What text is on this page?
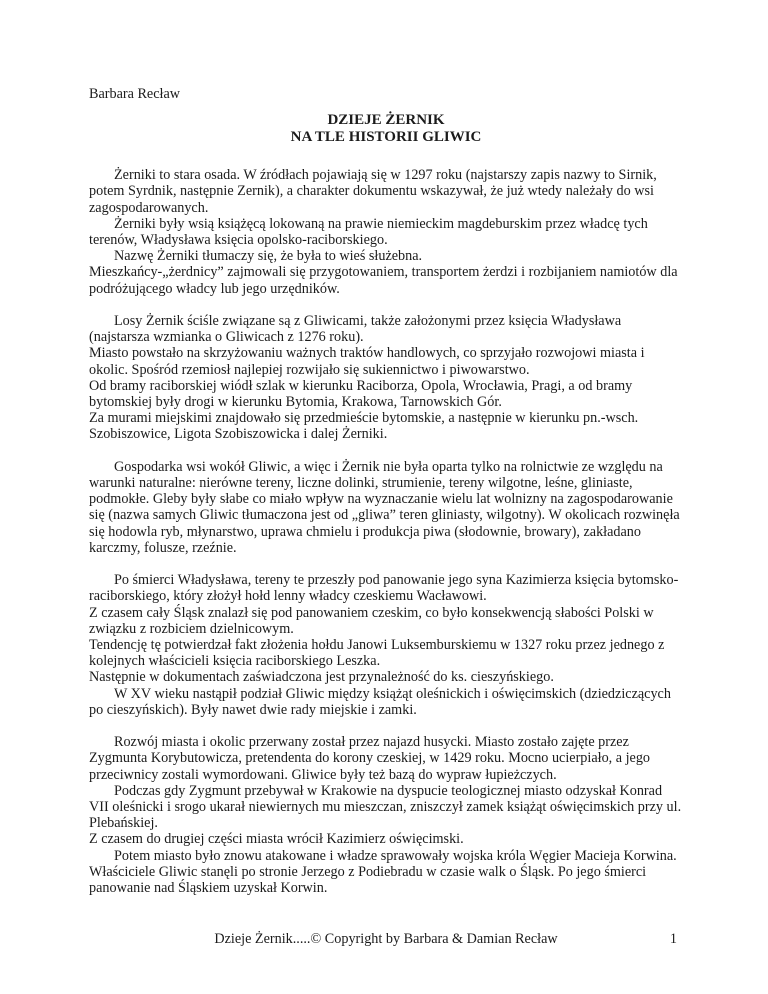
Barbara Recław

DZIEJE ŻERNIK
NA TLE HISTORII GLIWIC

Żerniki to stara osada. W źródłach pojawiają się w 1297 roku (najstarszy zapis nazwy to Sirnik, potem Syrdnik, następnie Zernik), a charakter dokumentu wskazywał, że już wtedy należały do wsi zagospodarowanych.

Żerniki były wsią książęcą lokowaną na prawie niemieckim magdeburskim przez władcę tych terenów, Władysława księcia opolsko-raciborskiego.

Nazwę Żerniki tłumaczy się, że była to wieś służebna.

Mieszkańcy-„żerdnicy” zajmowali się przygotowaniem, transportem żerdzi i rozbijaniem namiotów dla podróżującego władcy lub jego urzędników.

Losy Żernik ściśle związane są z Gliwicami, także założonymi przez księcia Władysława (najstarsza wzmianka o Gliwicach z 1276 roku).

Miasto powstało na skrzyżowaniu ważnych traktów handlowych, co sprzyjało rozwojowi miasta i okolic. Spośród rzemiosł najlepiej rozwijało się sukiennictwo i piwowarstwo.

Od bramy raciborskiej wiódł szlak w kierunku Raciborza, Opola, Wrocławia, Pragi, a od bramy bytomskiej były drogi w kierunku Bytomia, Krakowa, Tarnowskich Gór.

Za murami miejskimi znajdowało się przedmieście bytomskie, a następnie w kierunku pn.-wsch. Szobiszowice, Ligota Szobiszowicka i dalej Żerniki.

Gospodarka wsi wokół Gliwic, a więc i Żernik nie była oparta tylko na rolnictwie ze względu na warunki naturalne: nierówne tereny, liczne dolinki, strumienie, tereny wilgotne, leśne, gliniaste, podmokłe. Gleby były słabe co miało wpływ na wyznaczanie wielu lat wolnizny na zagospodarowanie się (nazwa samych Gliwic tłumaczona jest od „gliwa” teren gliniasty, wilgotny). W okolicach rozwinęła się hodowla ryb, młynarstwo, uprawa chmielu i produkcja piwa (słodownie, browary), zakładano karczmy, folusze, rzeźnie.

Po śmierci Władysława, tereny te przeszły pod panowanie jego syna Kazimierza księcia bytomsko-raciborskiego, który złożył hołd lenny władcy czeskiemu Wacławowi.

Z czasem cały Śląsk znalazł się pod panowaniem czeskim, co było konsekwencją słabości Polski w związku z rozbiciem dzielnicowym.

Tendencję tę potwierdzał fakt złożenia hołdu Janowi Luksemburskiemu w 1327 roku przez jednego z kolejnych właścicieli księcia raciborskiego Leszka.

Następnie w dokumentach zaświadczona jest przynależność do ks. cieszyńskiego.

W XV wieku nastąpił podział Gliwic między książąt oleśnickich i oświęcimskich (dziedziczących po cieszyńskich). Były nawet dwie rady miejskie i zamki.

Rozwój miasta i okolic przerwany został przez najazd husycki. Miasto zostało zajęte przez Zygmunta Korybutowicza, pretendenta do korony czeskiej, w 1429 roku. Mocno ucierpiało, a jego przeciwnicy zostali wymordowani. Gliwice były też bazą do wypraw łupieżczych.

Podczas gdy Zygmunt przebywał w Krakowie na dyspucie teologicznej miasto odzyskał Konrad VII oleśnicki i srogo ukarał niewiernych mu mieszczan, zniszczył zamek książąt oświęcimskich przy ul. Plebańskiej.

Z czasem do drugiej części miasta wrócił Kazimierz oświęcimski.

Potem miasto było znowu atakowane i władze sprawowały wojska króla Węgier Macieja Korwina. Właściciele Gliwic stanęli po stronie Jerzego z Podiebradu w czasie walk o Śląsk. Po jego śmierci panowanie nad Śląskiem uzyskał Korwin.

Dzieje Żernik.....© Copyright by Barbara & Damian Recław	1
